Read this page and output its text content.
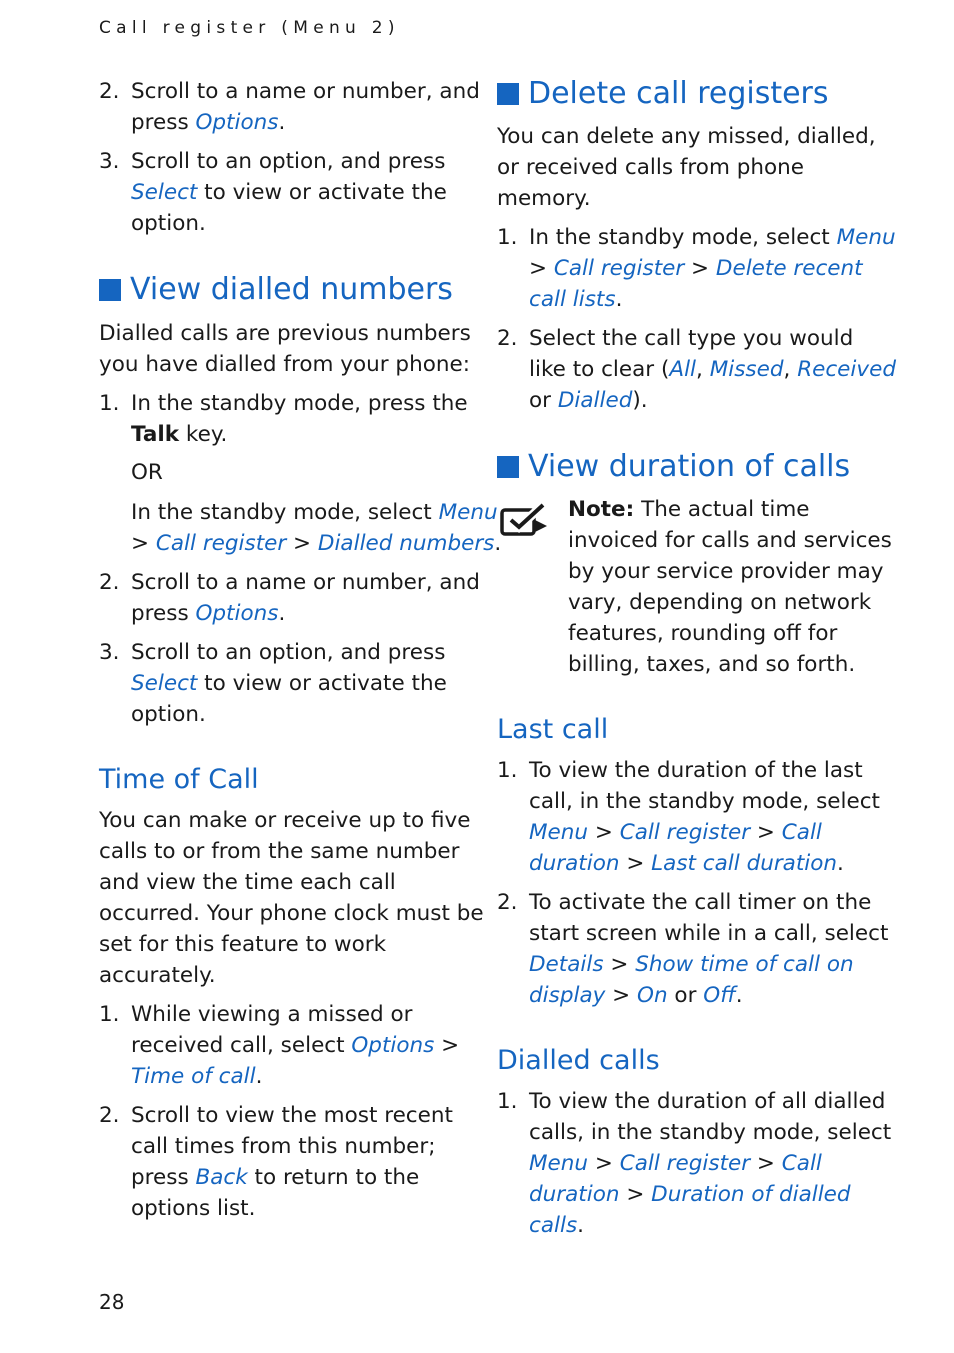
Call register (Menu 2)
2. Scroll to a name or number, and
press Options.
3. Scroll to an option, and press
Select to view or activate the
option.
View dialled numbers
Dialled calls are previous numbers
you have dialled from your phone:
1. In the standby mode, press the
Talk key.
OR
In the standby mode, select Menu
> Call register > Dialled numbers.
2. Scroll to a name or number, and
press Options.
3. Scroll to an option, and press
Select to view or activate the
option.
Time of Call
You can make or receive up to five
calls to or from the same number
and view the time each call
occurred. Your phone clock must be
set for this feature to work
accurately.
1. While viewing a missed or
received call, select Options >
Time of call.
2. Scroll to view the most recent
call times from this number;
press Back to return to the
options list.
Delete call registers
You can delete any missed, dialled,
or received calls from phone
memory.
1. In the standby mode, select Menu
> Call register > Delete recent
call lists.
2. Select the call type you would
like to clear (All, Missed, Received
or Dialled).
View duration of calls
Note: The actual time
invoiced for calls and services
by your service provider may
vary, depending on network
features, rounding off for
billing, taxes, and so forth.
Last call
1. To view the duration of the last
call, in the standby mode, select
Menu > Call register > Call
duration > Last call duration.
2. To activate the call timer on the
start screen while in a call, select
Details > Show time of call on
display > On or Off.
Dialled calls
1. To view the duration of all dialled
calls, in the standby mode, select
Menu > Call register > Call
duration > Duration of dialled
calls.
28
